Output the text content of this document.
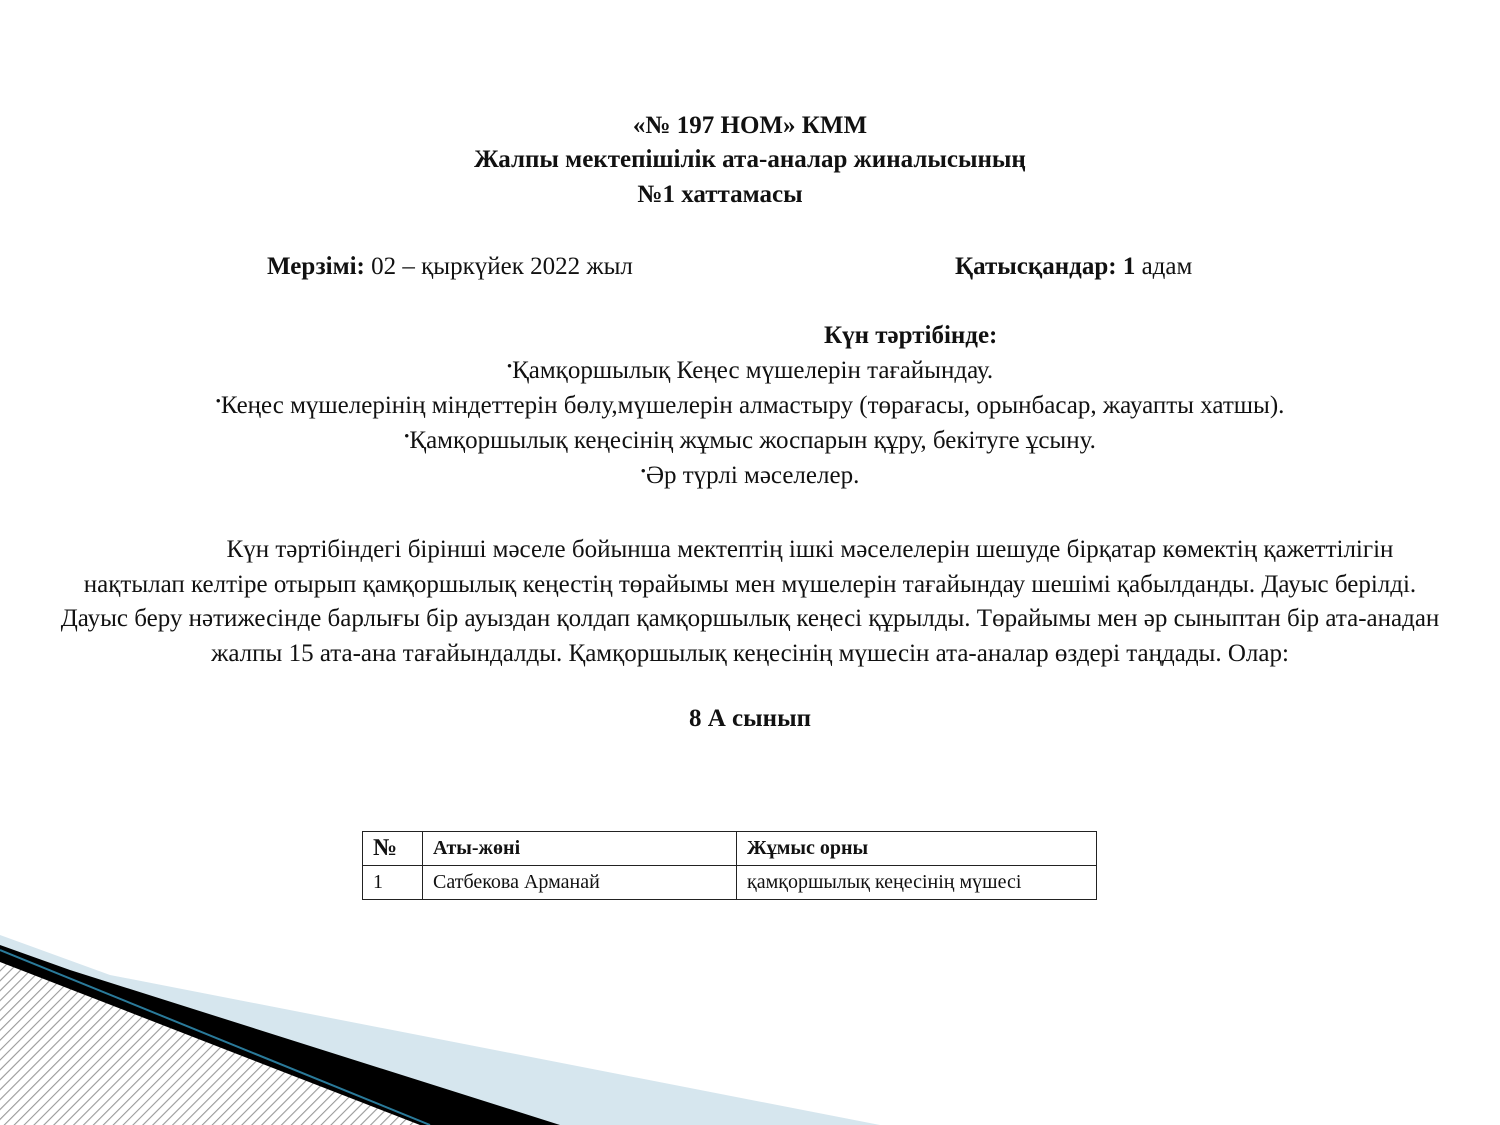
«№ 197 НОМ» КММ
Жалпы мектепішілік ата-аналар жиналысының
№1 хаттамасы
Мерзімі: 02 – қыркүйек 2022 жыл	Қатысқандар: 1 адам
Күн тәртібінде:
•Қамқоршылық Кеңес мүшелерін тағайындау.
•Кеңес мүшелерінің міндеттерін бөлу,мүшелерін алмастыру (төрағасы, орынбасар, жауапты хатшы).
•Қамқоршылық кеңесінің жұмыс жоспарын құру, бекітуге ұсыну.
•Әр түрлі мәселелер.
Күн тәртібіндегі бірінші мәселе бойынша мектептің ішкі мәселелерін шешуде бірқатар көмектің қажеттілігін нақтылап келтіре отырып қамқоршылық кеңестің төрайымы мен мүшелерін тағайындау шешімі қабылданды. Дауыс берілді. Дауыс беру нәтижесінде барлығы бір ауыздан қолдап қамқоршылық кеңесі құрылды. Төрайымы мен әр сыныптан бір ата-анадан жалпы 15 ата-ана тағайындалды. Қамқоршылық кеңесінің мүшесін ата-аналар өздері таңдады. Олар:
8 А сынып
№	Аты-жөні	Жұмыс орны
1	Сатбекова Арманай	қамқоршылық кеңесінің мүшесі
